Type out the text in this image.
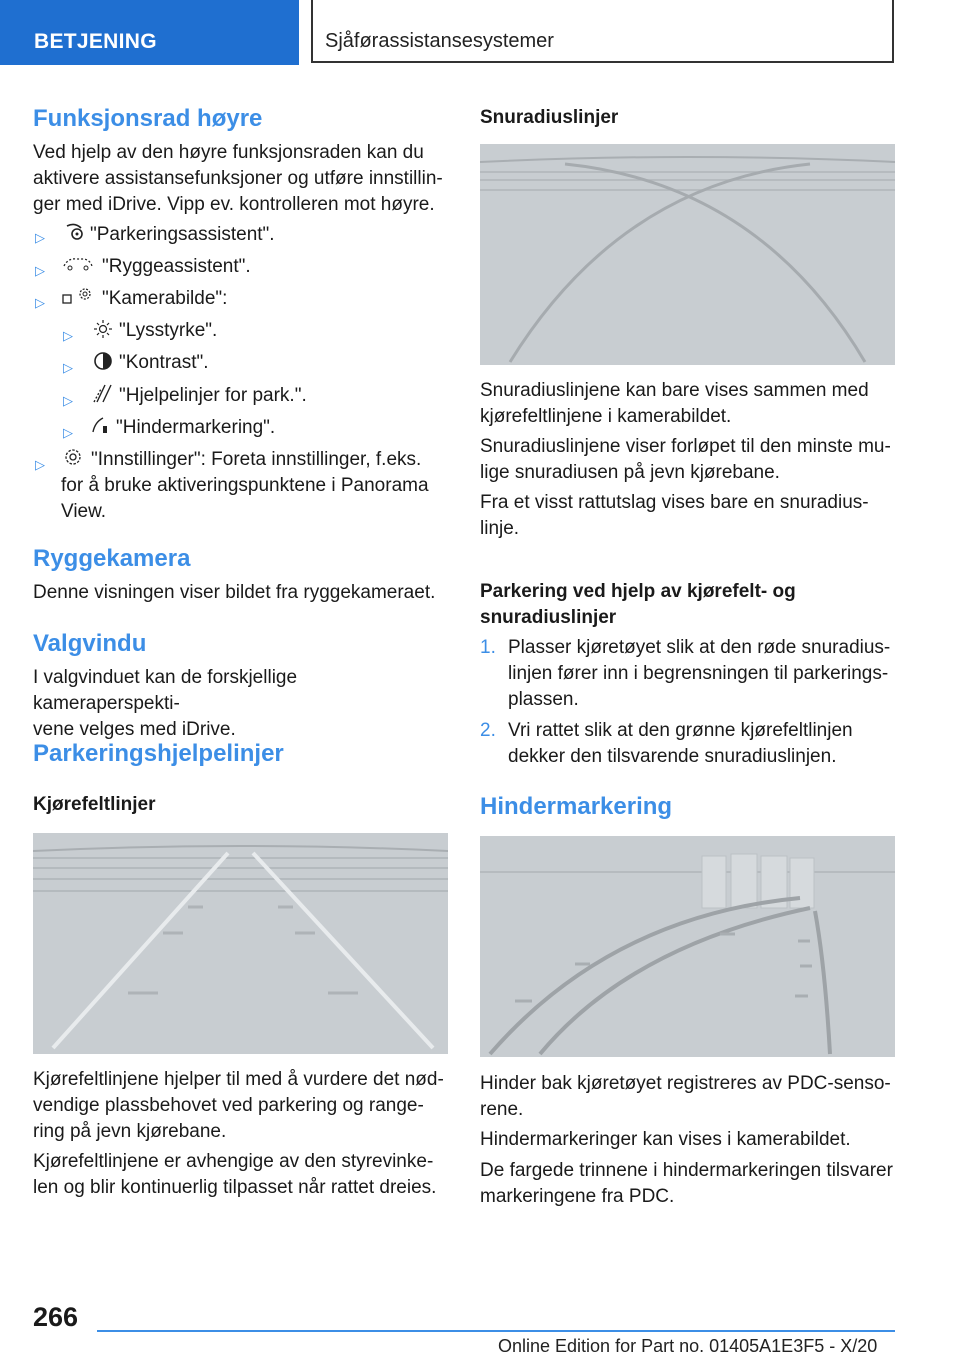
BETJENING	Sjåførassistansesystemer
Funksjonsrad høyre
Ved hjelp av den høyre funksjonsraden kan du
aktivere assistansefunksjoner og utføre innstillin-
ger med iDrive. Vipp ev. kontrolleren mot høyre.
▷ "Parkeringsassistent".
▷	"Ryggeassistent".
▷	"Kamerabilde":
▷ "Lysstyrke".
▷ "Kontrast".
▷ "Hjelpelinjer for park.".
▷ "Hindermarkering".
▷	"Innstillinger": Foreta innstillinger, f.eks.
for å bruke aktiveringspunktene i Panorama
View.
Ryggekamera
Denne visningen viser bildet fra ryggekameraet.
Valgvindu
I valgvinduet kan de forskjellige kameraperspekti-
vene velges med iDrive.
Parkeringshjelpelinjer
Kjørefeltlinjer
Kjørefeltlinjene hjelper til med å vurdere det nød-
vendige plassbehovet ved parkering og range-
ring på jevn kjørebane.
Kjørefeltlinjene er avhengige av den styrevinke-
len og blir kontinuerlig tilpasset når rattet dreies.
Snuradiuslinjer
Snuradiuslinjene kan bare vises sammen med
kjørefeltlinjene i kamerabildet.
Snuradiuslinjene viser forløpet til den minste mu-
lige snuradiusen på jevn kjørebane.
Fra et visst rattutslag vises bare en snuradius-
linje.
Parkering ved hjelp av kjørefelt- og
snuradiuslinjer
1. Plasser kjøretøyet slik at den røde snuradius-
linjen fører inn i begrensningen til parkerings-
plassen.
2. Vri rattet slik at den grønne kjørefeltlinjen
dekker den tilsvarende snuradiuslinjen.
Hindermarkering
Hinder bak kjøretøyet registreres av PDC-senso-
rene.
Hindermarkeringer kan vises i kamerabildet.
De fargede trinnene i hindermarkeringen tilsvarer
markeringene fra PDC.
266
Online Edition for Part no. 01405A1E3F5 - X/20
